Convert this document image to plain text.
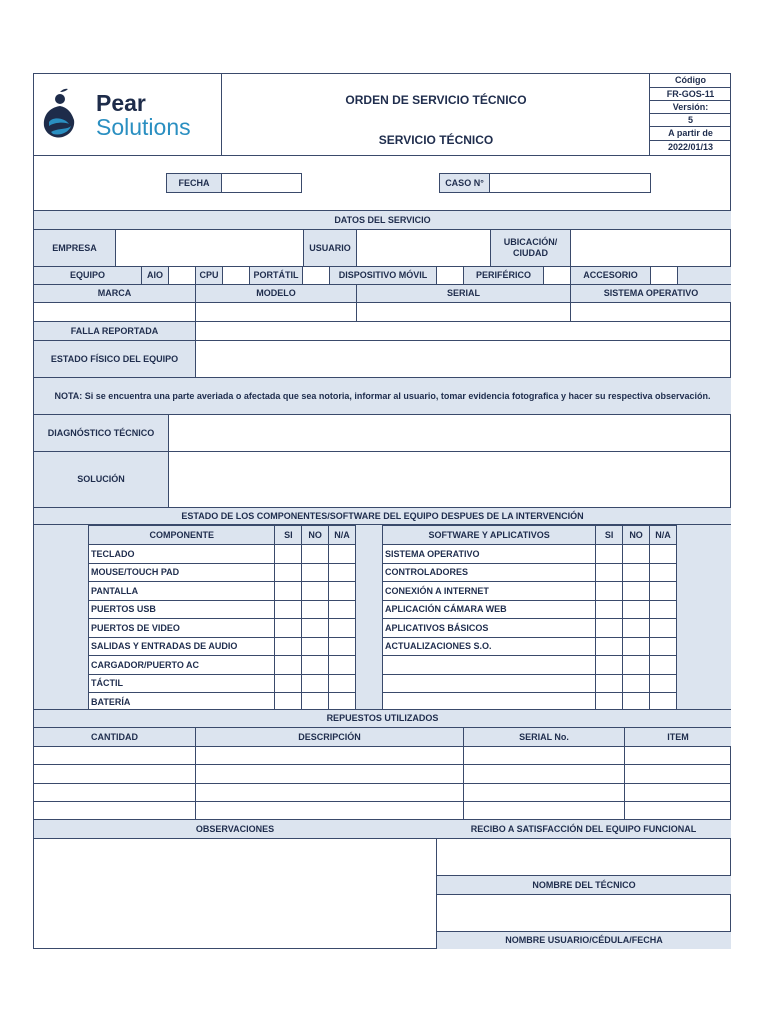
Pear
Solutions
ORDEN DE SERVICIO TÉCNICO
SERVICIO TÉCNICO
Código
FR-GOS-11
Versión:
5
A partir de
2022/01/13
FECHA	CASO N°
DATOS DEL SERVICIO
EMPRESA	USUARIO
UBICACIÓN/ CIUDAD
EQUIPO	AIO	CPU	PORTÁTIL	DISPOSITIVO MÓVIL	PERIFÉRICO	ACCESORIO
MARCA	MODELO	SERIAL	SISTEMA OPERATIVO
FALLA REPORTADA
ESTADO FÍSICO DEL EQUIPO
NOTA: Si se encuentra una parte averiada o afectada que sea notoria, informar al usuario, tomar evidencia fotografica y hacer su respectiva observación.
DIAGNÓSTICO TÉCNICO
SOLUCIÓN
ESTADO DE LOS COMPONENTES/SOFTWARE DEL EQUIPO DESPUES DE LA INTERVENCIÓN
COMPONENTE	SI	NO	N/A
TECLADO			
MOUSE/TOUCH PAD			
PANTALLA			
PUERTOS USB			
PUERTOS DE VIDEO			
SALIDAS Y ENTRADAS DE AUDIO			
CARGADOR/PUERTO AC			
TÁCTIL			
BATERÍA			
SOFTWARE Y APLICATIVOS	SI	NO	N/A
SISTEMA OPERATIVO			
CONTROLADORES			
CONEXIÓN A INTERNET			
APLICACIÓN CÁMARA WEB			
APLICATIVOS BÁSICOS			
ACTUALIZACIONES S.O.			

REPUESTOS UTILIZADOS
CANTIDAD	DESCRIPCIÓN	SERIAL No.	ITEM
OBSERVACIONES	RECIBO A SATISFACCIÓN DEL EQUIPO FUNCIONAL
NOMBRE DEL TÉCNICO
NOMBRE USUARIO/CÉDULA/FECHA
